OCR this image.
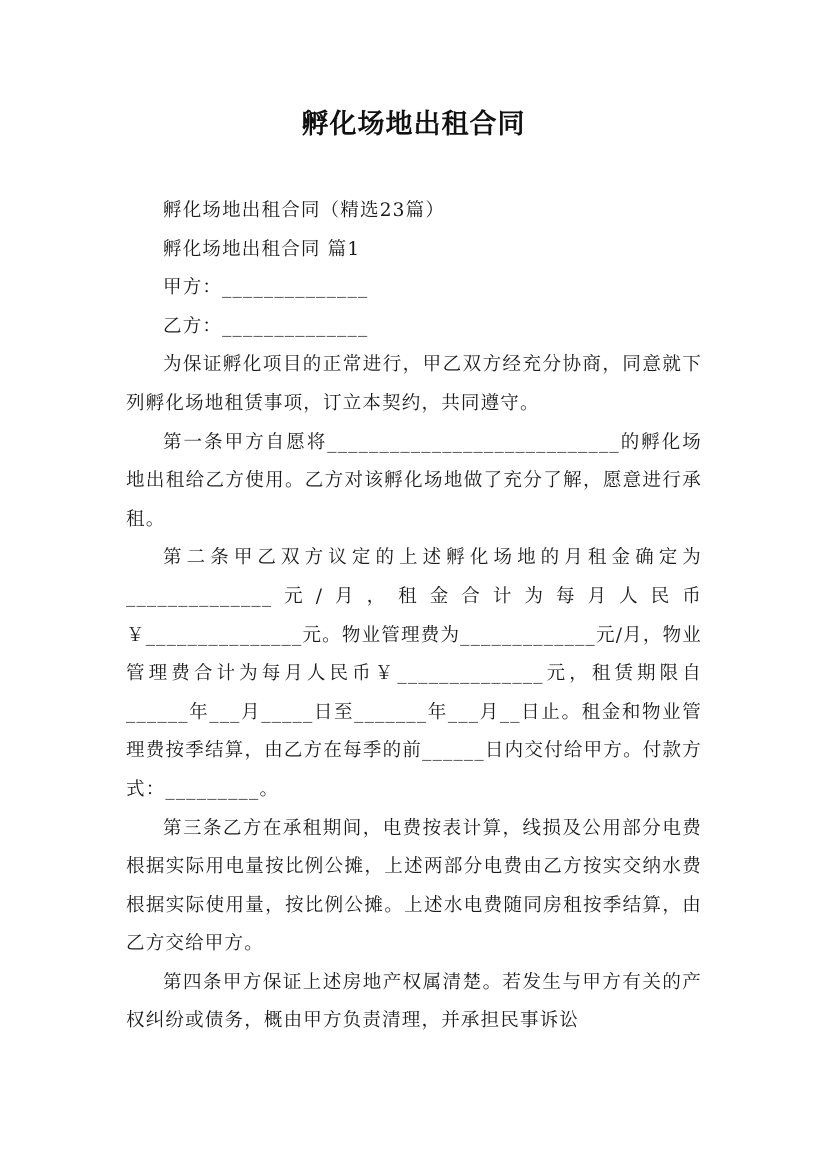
孵化场地出租合同

孵化场地出租合同（精选23篇）

孵化场地出租合同 篇1

甲方：______________

乙方：______________

为保证孵化项目的正常进行，甲乙双方经充分协商，同意就下列孵化场地租赁事项，订立本契约，共同遵守。

第一条甲方自愿将____________________________的孵化场地出租给乙方使用。乙方对该孵化场地做了充分了解，愿意进行承租。

第二条甲乙双方议定的上述孵化场地的月租金确定为______________元/月，租金合计为每月人民币￥_______________元。物业管理费为_____________元/月，物业管理费合计为每月人民币￥______________元，租赁期限自______年___月_____日至_______年___月__日止。租金和物业管理费按季结算，由乙方在每季的前______日内交付给甲方。付款方式：_________。

第三条乙方在承租期间，电费按表计算，线损及公用部分电费根据实际用电量按比例公摊，上述两部分电费由乙方按实交纳水费根据实际使用量，按比例公摊。上述水电费随同房租按季结算，由乙方交给甲方。

第四条甲方保证上述房地产权属清楚。若发生与甲方有关的产权纠纷或债务，概由甲方负责清理，并承担民事诉讼
